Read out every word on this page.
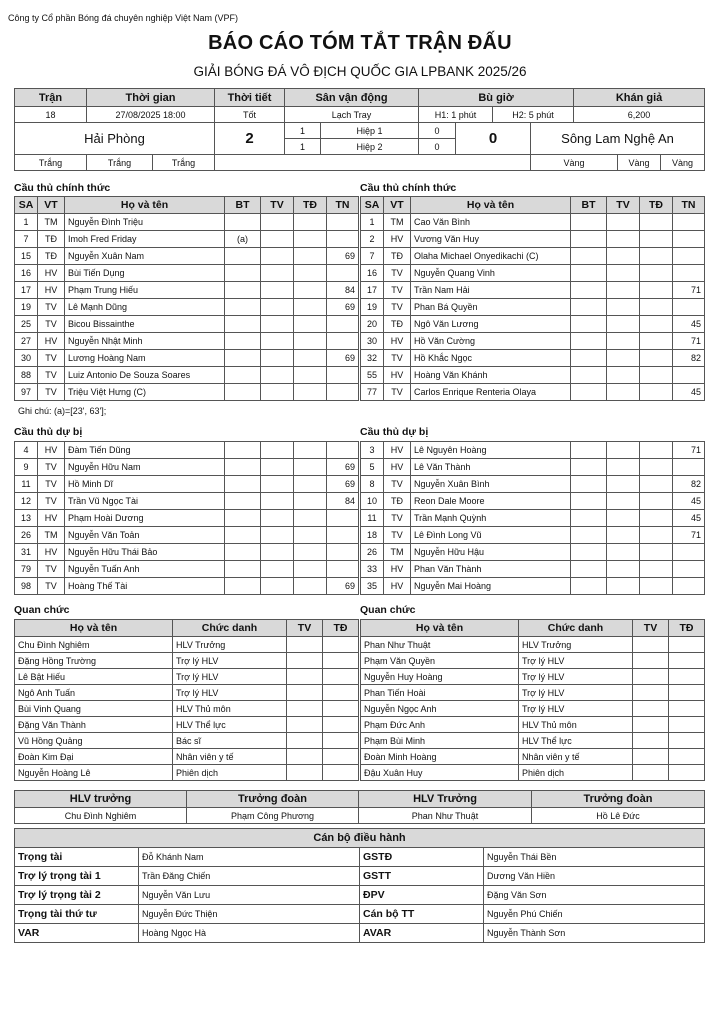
Công ty Cổ phần Bóng đá chuyên nghiệp Việt Nam (VPF)
BÁO CÁO TÓM TẮT TRẬN ĐẤU
GIẢI BÓNG ĐÁ VÔ ĐỊCH QUỐC GIA LPBANK 2025/26
Trận	Thời gian		Thời tiết	Sân vận động		Bù giờ				Khán giả		
18	27/08/2025 18:00		Tốt	Lạch Tray		H1: 1 phút		H2: 5 phút		6,200		
Hải Phòng			2	1	Hiệp 1	0	0		Sông Lam Nghệ An			
				1	Hiệp 2	0						
Trắng	Trắng	Trắng							Vàng		Vàng	Vàng
Cầu thủ chính thức	Cầu thủ chính thức
SA	VT	Họ và tên	BT	TV	TĐ	TN
1	TM	Nguyễn Đình Triệu				
7	TĐ	Imoh Fred Friday	(a)			
15	TĐ	Nguyễn Xuân Nam				69
16	HV	Bùi Tiến Dụng				
17	HV	Phạm Trung Hiếu				84
19	TV	Lê Mạnh Dũng				69
25	TV	Bicou Bissainthe				
27	HV	Nguyễn Nhật Minh				
30	TV	Lương Hoàng Nam				69
88	TV	Luiz Antonio De Souza Soares				
97	TV	Triệu Việt Hưng (C)				
SA	VT	Họ và tên	BT	TV	TĐ	TN
1	TM	Cao Văn Bình				
2	HV	Vương Văn Huy				
7	TĐ	Olaha Michael Onyedikachi (C)				
16	TV	Nguyễn Quang Vinh				
17	TV	Trần Nam Hải				71
19	TV	Phan Bá Quyền				
20	TĐ	Ngô Văn Lương				45
30	HV	Hồ Văn Cường				71
32	TV	Hồ Khắc Ngọc				82
55	HV	Hoàng Văn Khánh				
77	TV	Carlos Enrique Renteria Olaya				45
Ghi chú: (a)=[23', 63'];
Cầu thủ dự bị	Cầu thủ dự bị
4	HV	Đàm Tiến Dũng				
9	TV	Nguyễn Hữu Nam				69
11	TV	Hồ Minh Dĩ				69
12	TV	Trần Vũ Ngọc Tài				84
13	HV	Phạm Hoài Dương				
26	TM	Nguyễn Văn Toản				
31	HV	Nguyễn Hữu Thái Bảo				
79	TV	Nguyễn Tuấn Anh				
98	TV	Hoàng Thế Tài				69
3	HV	Lê Nguyên Hoàng				71
5	HV	Lê Văn Thành				
8	TV	Nguyễn Xuân Bình				82
10	TĐ	Reon Dale Moore				45
11	TV	Trần Mạnh Quỳnh				45
18	TV	Lê Đình Long Vũ				71
26	TM	Nguyễn Hữu Hậu				
33	HV	Phan Văn Thành				
35	HV	Nguyễn Mai Hoàng				
Quan chức	Quan chức
Họ và tên	Chức danh	TV	TĐ
Chu Đình Nghiêm	HLV Trưởng		
Đặng Hồng Trường	Trợ lý HLV		
Lê Bật Hiếu	Trợ lý HLV		
Ngô Anh Tuấn	Trợ lý HLV		
Bùi Vinh Quang	HLV Thủ môn		
Đặng Văn Thành	HLV Thể lực		
Vũ Hồng Quảng	Bác sĩ		
Đoàn Kim Đại	Nhân viên y tế		
Nguyễn Hoàng Lê	Phiên dịch		
Họ và tên	Chức danh	TV	TĐ
Phan Như Thuật	HLV Trưởng		
Phạm Văn Quyền	Trợ lý HLV		
Nguyễn Huy Hoàng	Trợ lý HLV		
Phan Tiến Hoài	Trợ lý HLV		
Nguyễn Ngọc Anh	Trợ lý HLV		
Phạm Đức Anh	HLV Thủ môn		
Phạm Bùi Minh	HLV Thể lực		
Đoàn Minh Hoàng	Nhân viên y tế		
Đậu Xuân Huy	Phiên dịch		
HLV trưởng	Trưởng đoàn	HLV Trưởng	Trưởng đoàn
Chu Đình Nghiêm	Phạm Công Phương	Phan Như Thuật	Hồ Lê Đức
Cán bộ điều hành			
Trọng tài	Đỗ Khánh Nam	GSTĐ	Nguyễn Thái Bền
Trợ lý trọng tài 1	Trần Đăng Chiến	GSTT	Dương Văn Hiền
Trợ lý trọng tài 2	Nguyễn Văn Lưu	ĐPV	Đặng Văn Sơn
Trọng tài thứ tư	Nguyễn Đức Thiện	Cán bộ TT	Nguyễn Phú Chiến
VAR	Hoàng Ngọc Hà	AVAR	Nguyễn Thành Sơn
